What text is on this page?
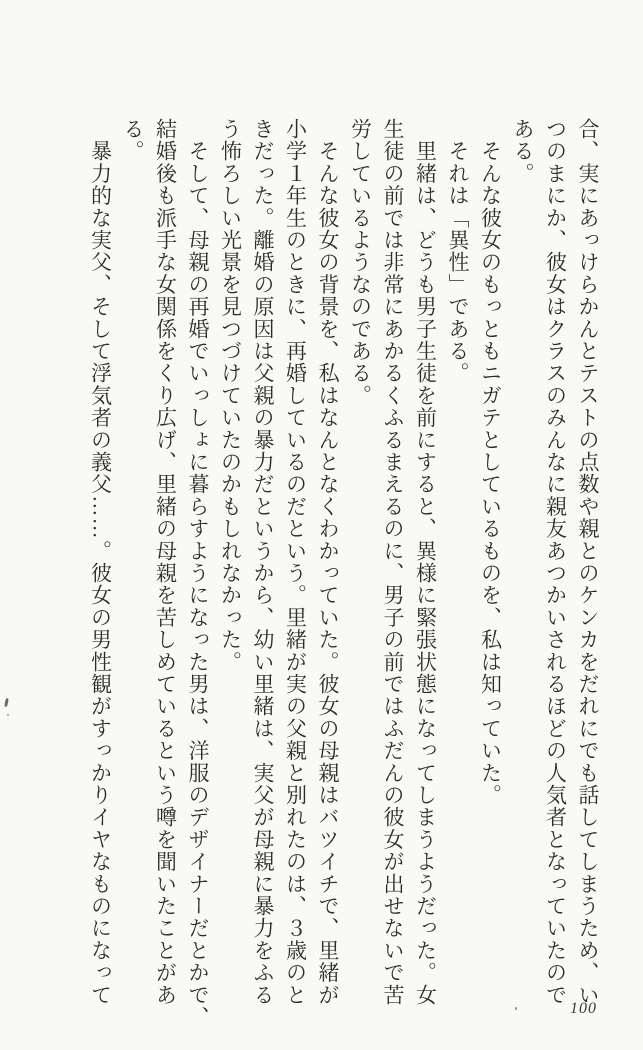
合、実にあっけらかんとテストの点数や親とのケンカをだれにでも話してしまうため、い
つのまにか、彼女はクラスのみんなに親友あつかいされるほどの人気者となっていたので
ある。
　そんな彼女のもっともニガテとしているものを、私は知っていた。
　それは「異性」である。
　里緒は、どうも男子生徒を前にすると、異様に緊張状態になってしまうようだった。女
生徒の前では非常にあかるくふるまえるのに、男子の前ではふだんの彼女が出せないで苦
労しているようなのである。
　そんな彼女の背景を、私はなんとなくわかっていた。彼女の母親はバツイチで、里緒が
小学１年生のときに、再婚しているのだという。里緒が実の父親と別れたのは、３歳のと
きだった。離婚の原因は父親の暴力だというから、幼い里緒は、実父が母親に暴力をふる
う怖ろしい光景を見つづけていたのかもしれなかった。
　そして、母親の再婚でいっしょに暮らすようになった男は、洋服のデザイナーだとかで、
結婚後も派手な女関係をくり広げ、里緒の母親を苦しめているという噂を聞いたことがあ
る。
　暴力的な実父、そして浮気者の義父……。彼女の男性観がすっかりイヤなものになって
100
